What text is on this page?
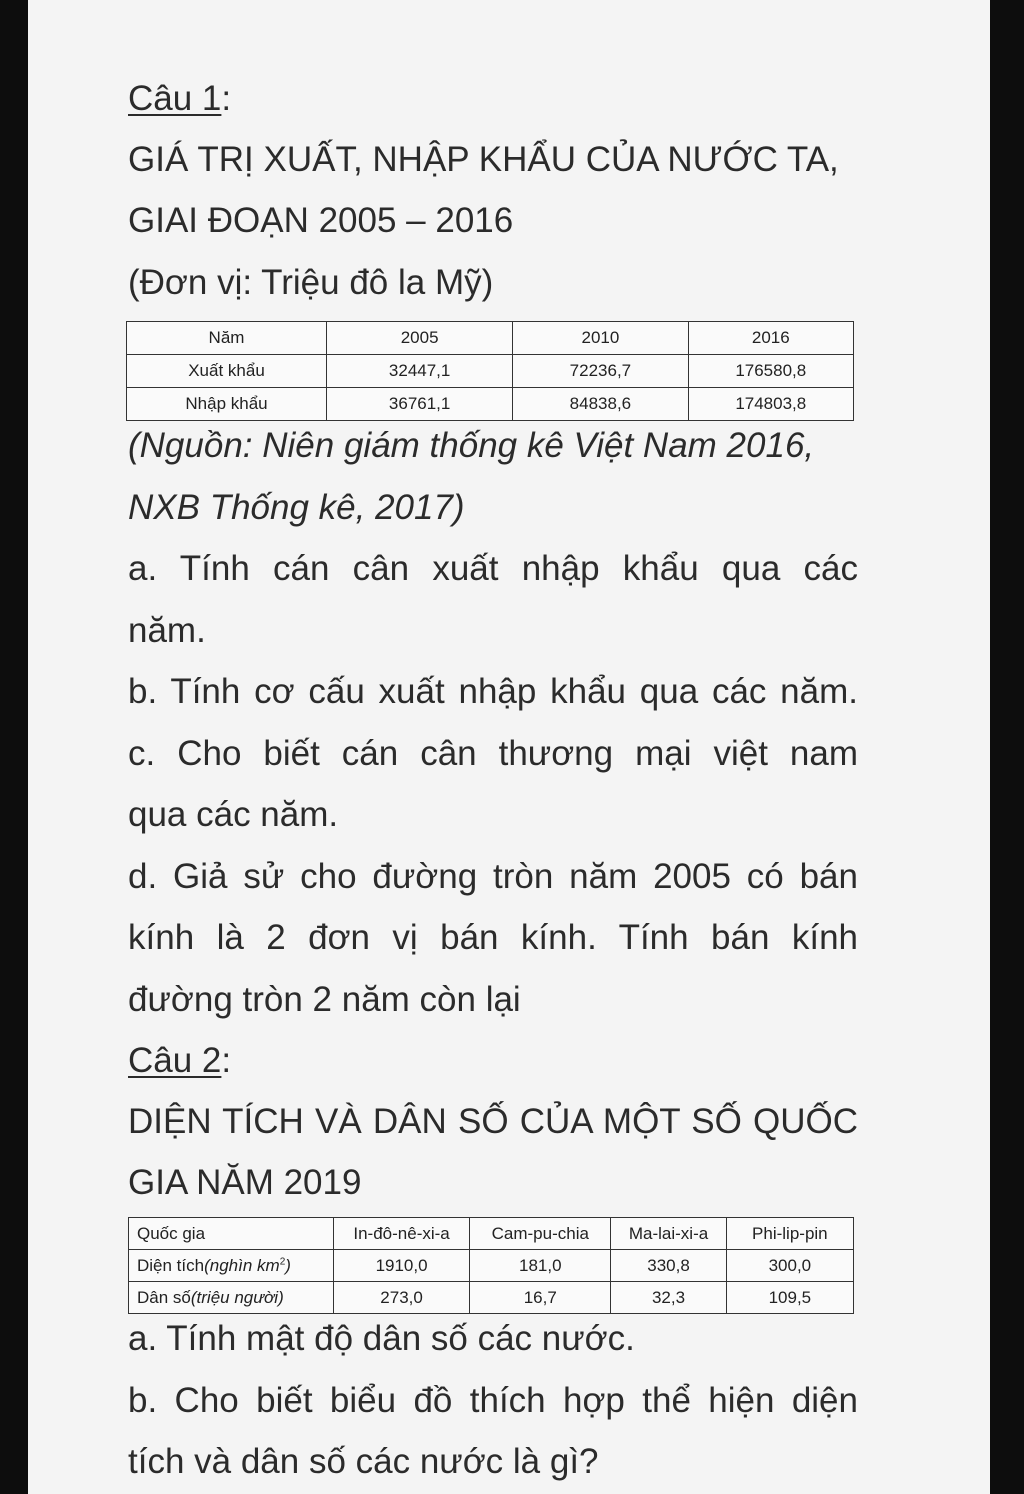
Câu 1:
GIÁ TRỊ XUẤT, NHẬP KHẨU CỦA NƯỚC TA,
GIAI ĐOẠN 2005 – 2016
(Đơn vị: Triệu đô la Mỹ)
Năm	2005	2010	2016
Xuất khẩu	32447,1	72236,7	176580,8
Nhập khẩu	36761,1	84838,6	174803,8
(Nguồn: Niên giám thống kê Việt Nam 2016,
NXB Thống kê, 2017)
a. Tính cán cân xuất nhập khẩu qua các
năm.
b. Tính cơ cấu xuất nhập khẩu qua các năm.
c. Cho biết cán cân thương mại việt nam
qua các năm.
d. Giả sử cho đường tròn năm 2005 có bán
kính là 2 đơn vị bán kính. Tính bán kính
đường tròn 2 năm còn lại
Câu 2:
DIỆN TÍCH VÀ DÂN SỐ CỦA MỘT SỐ QUỐC
GIA NĂM 2019
Quốc gia	In-đô-nê-xi-a	Cam-pu-chia	Ma-lai-xi-a	Phi-lip-pin
Diện tích(nghìn $km^2$)	1910,0	181,0	330,8	300,0
Dân số(triệu người)	273,0	16,7	32,3	109,5
a. Tính mật độ dân số các nước.
b. Cho biết biểu đồ thích hợp thể hiện diện
tích và dân số các nước là gì?
